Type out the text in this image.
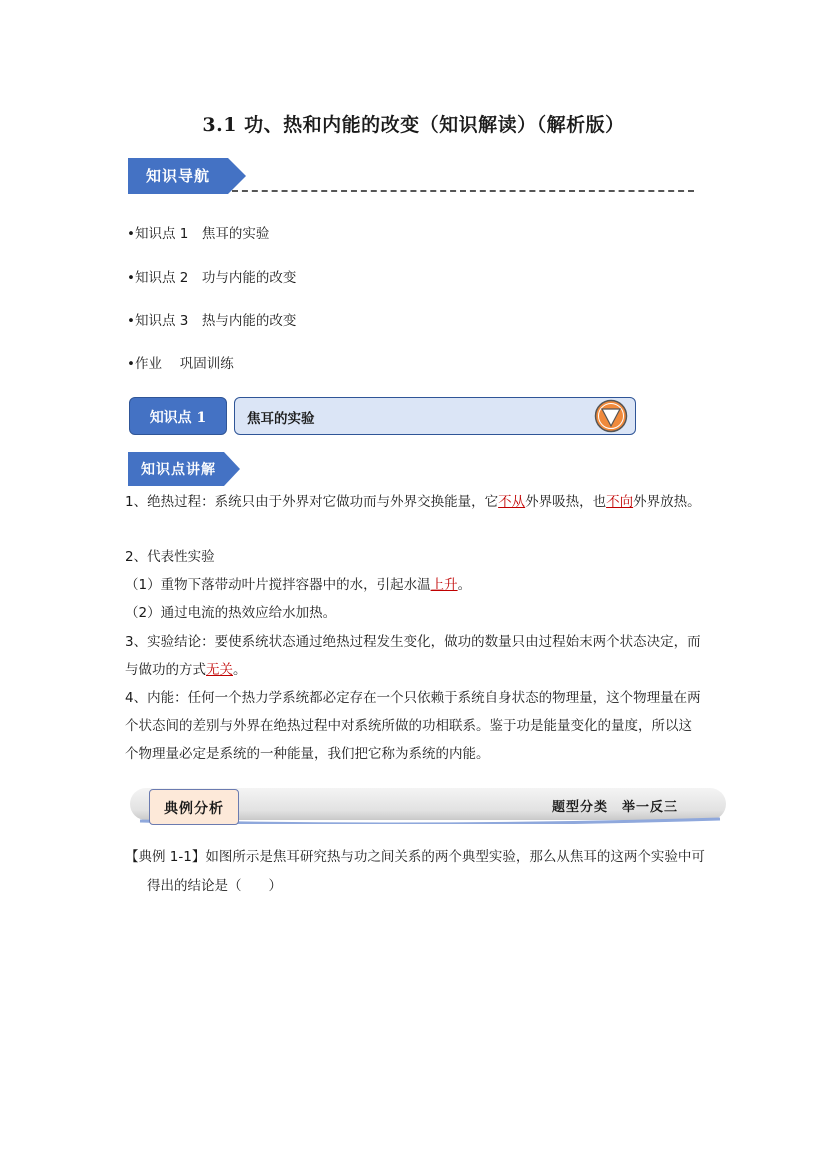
3.1 功、热和内能的改变（知识解读）（解析版）
知识导航
•知识点 1　焦耳的实验
•知识点 2　功与内能的改变
•知识点 3　热与内能的改变
•作业　 巩固训练
知识点 1	焦耳的实验
知识点讲解
1、绝热过程：系统只由于外界对它做功而与外界交换能量，它不从外界吸热，也不向外界放热。
2、代表性实验
（1）重物下落带动叶片搅拌容器中的水，引起水温上升。
（2）通过电流的热效应给水加热。
3、实验结论：要使系统状态通过绝热过程发生变化，做功的数量只由过程始末两个状态决定，而与做功的方式无关。
4、内能：任何一个热力学系统都必定存在一个只依赖于系统自身状态的物理量，这个物理量在两个状态间的差别与外界在绝热过程中对系统所做的功相联系。鉴于功是能量变化的量度，所以这个物理量必定是系统的一种能量，我们把它称为系统的内能。
典例分析	题型分类　举一反三
【典例 1-1】如图所示是焦耳研究热与功之间关系的两个典型实验，那么从焦耳的这两个实验中可得出的结论是（　　）
